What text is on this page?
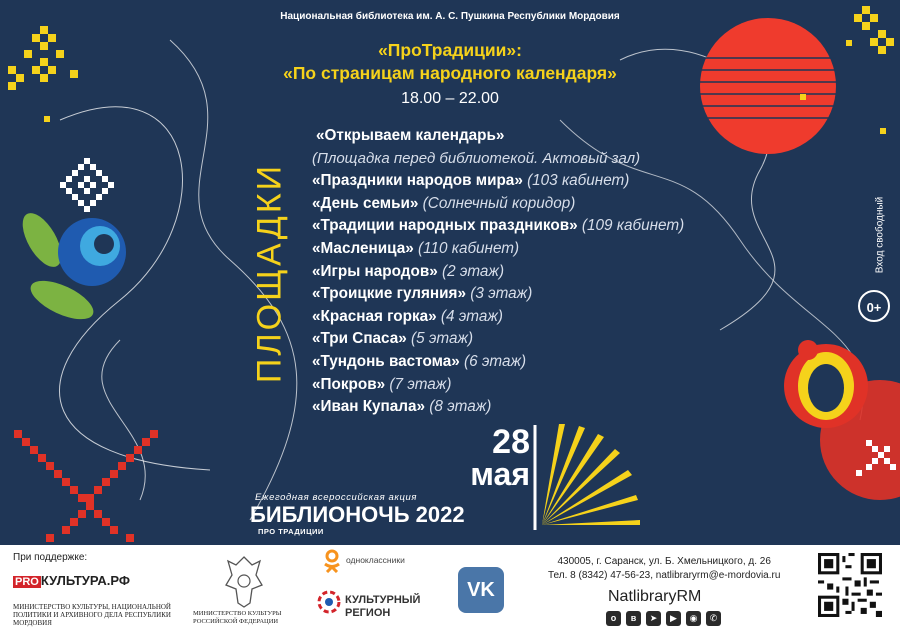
Национальная библиотека им. А. С. Пушкина Республики Мордовия
«ПроТрадиции»:
«По страницам народного календаря»
18.00 – 22.00
ПЛОЩАДКИ
«Открываем календарь»
(Площадка перед библиотекой. Актовый зал)
«Праздники народов мира» (103 кабинет)
«День семьи» (Солнечный коридор)
«Традиции народных праздников» (109 кабинет)
«Масленица» (110 кабинет)
«Игры народов» (2 этаж)
«Троицкие гуляния» (3 этаж)
«Красная горка» (4 этаж)
«Три Спаса» (5 этаж)
«Тундонь вастома» (6 этаж)
«Покров» (7 этаж)
«Иван Купала» (8 этаж)
Вход свободный
0+
28
мая
Ежегодная всероссийская акция
БИБЛИОНОЧЬ 2022
ПРО ТРАДИЦИИ
При поддержке:
PRO КУЛЬТУРА.РФ
МИНИСТЕРСТВО КУЛЬТУРЫ, НАЦИОНАЛЬНОЙ ПОЛИТИКИ И АРХИВНОГО ДЕЛА РЕСПУБЛИКИ МОРДОВИЯ
МИНИСТЕРСТВО КУЛЬТУРЫ РОССИЙСКОЙ ФЕДЕРАЦИИ
одноклассники
КУЛЬТУРНЫЙ
РЕГИОН
VK
430005, г. Саранск, ул. Б. Хмельницкого, д. 26
Тел. 8 (8342) 47-56-23, natlibraryrm@e-mordovia.ru
NatlibraryRM
о	в	➤	▶	◉	✆
